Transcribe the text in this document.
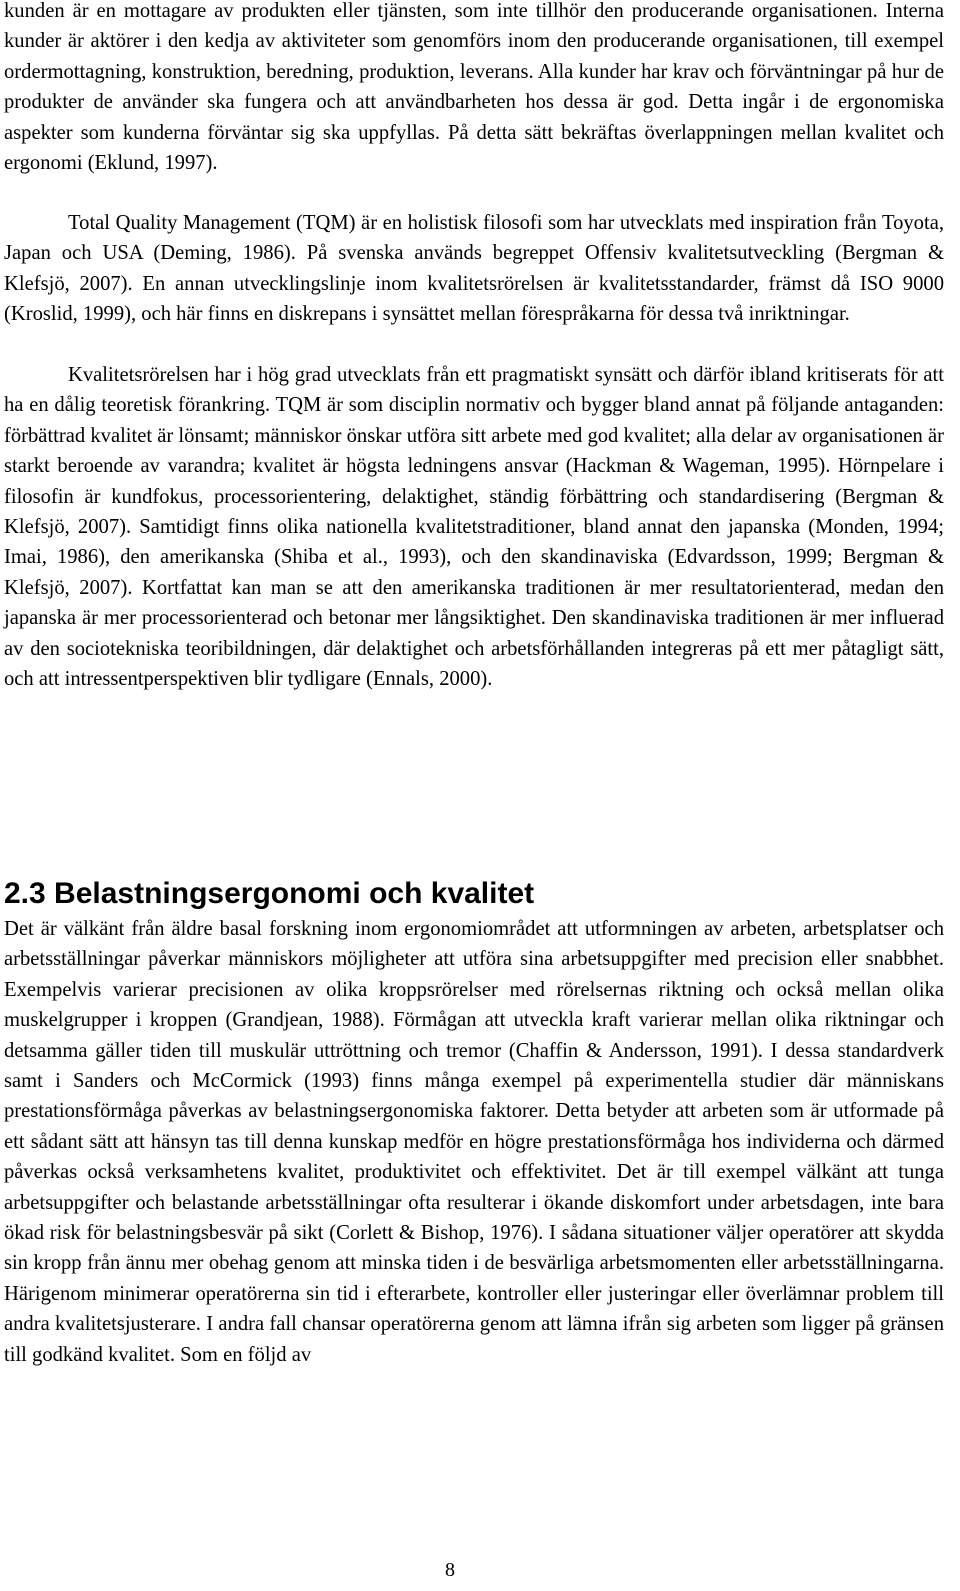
kunden är en mottagare av produkten eller tjänsten, som inte tillhör den producerande organisationen. Interna kunder är aktörer i den kedja av aktiviteter som genomförs inom den producerande organisationen, till exempel ordermottagning, konstruktion, beredning, produktion, leverans. Alla kunder har krav och förväntningar på hur de produkter de använder ska fungera och att användbarheten hos dessa är god. Detta ingår i de ergonomiska aspekter som kunderna förväntar sig ska uppfyllas. På detta sätt bekräftas överlappningen mellan kvalitet och ergonomi (Eklund, 1997).

Total Quality Management (TQM) är en holistisk filosofi som har utvecklats med inspiration från Toyota, Japan och USA (Deming, 1986). På svenska används begreppet Offensiv kvalitetsutveckling (Bergman & Klefsjö, 2007). En annan utvecklingslinje inom kvalitetsrörelsen är kvalitetsstandarder, främst då ISO 9000 (Kroslid, 1999), och här finns en diskrepans i synsättet mellan förespråkarna för dessa två inriktningar.

Kvalitetsrörelsen har i hög grad utvecklats från ett pragmatiskt synsätt och därför ibland kritiserats för att ha en dålig teoretisk förankring. TQM är som disciplin normativ och bygger bland annat på följande antaganden: förbättrad kvalitet är lönsamt; människor önskar utföra sitt arbete med god kvalitet; alla delar av organisationen är starkt beroende av varandra; kvalitet är högsta ledningens ansvar (Hackman & Wageman, 1995). Hörnpelare i filosofin är kundfokus, processorientering, delaktighet, ständig förbättring och standardisering (Bergman & Klefsjö, 2007). Samtidigt finns olika nationella kvalitetstraditioner, bland annat den japanska (Monden, 1994; Imai, 1986), den amerikanska (Shiba et al., 1993), och den skandinaviska (Edvardsson, 1999; Bergman & Klefsjö, 2007). Kortfattat kan man se att den amerikanska traditionen är mer resultatorienterad, medan den japanska är mer processorienterad och betonar mer långsiktighet. Den skandinaviska traditionen är mer influerad av den sociotekniska teoribildningen, där delaktighet och arbetsförhållanden integreras på ett mer påtagligt sätt, och att intressentperspektiven blir tydligare (Ennals, 2000).

2.3 Belastningsergonomi och kvalitet

Det är välkänt från äldre basal forskning inom ergonomiområdet att utformningen av arbeten, arbetsplatser och arbetsställningar påverkar människors möjligheter att utföra sina arbetsuppgifter med precision eller snabbhet. Exempelvis varierar precisionen av olika kroppsrörelser med rörelsernas riktning och också mellan olika muskelgrupper i kroppen (Grandjean, 1988). Förmågan att utveckla kraft varierar mellan olika riktningar och detsamma gäller tiden till muskulär uttröttning och tremor (Chaffin & Andersson, 1991). I dessa standardverk samt i Sanders och McCormick (1993) finns många exempel på experimentella studier där människans prestationsförmåga påverkas av belastningsergonomiska faktorer. Detta betyder att arbeten som är utformade på ett sådant sätt att hänsyn tas till denna kunskap medför en högre prestationsförmåga hos individerna och därmed påverkas också verksamhetens kvalitet, produktivitet och effektivitet. Det är till exempel välkänt att tunga arbetsuppgifter och belastande arbetsställningar ofta resulterar i ökande diskomfort under arbetsdagen, inte bara ökad risk för belastningsbesvär på sikt (Corlett & Bishop, 1976). I sådana situationer väljer operatörer att skydda sin kropp från ännu mer obehag genom att minska tiden i de besvärliga arbetsmomenten eller arbetsställningarna. Härigenom minimerar operatörerna sin tid i efterarbete, kontroller eller justeringar eller överlämnar problem till andra kvalitetsjusterare. I andra fall chansar operatörerna genom att lämna ifrån sig arbeten som ligger på gränsen till godkänd kvalitet. Som en följd av

8
